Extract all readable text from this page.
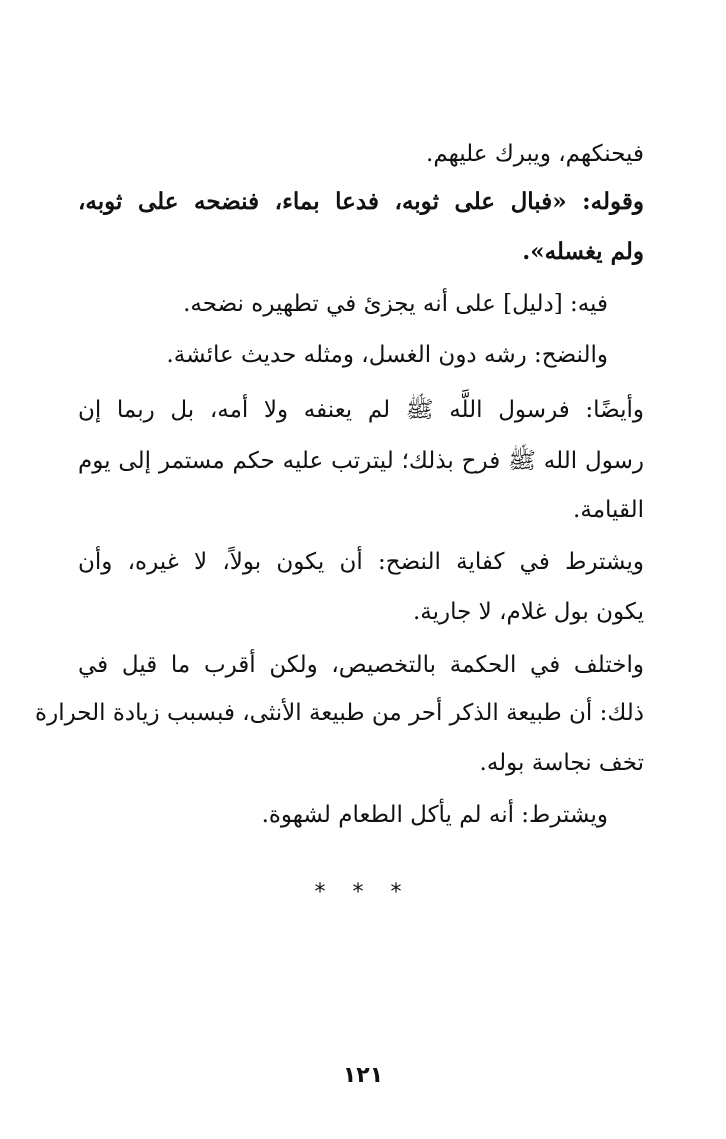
فيحنكهم، ويبرك عليهم.
وقوله: «فبال على ثوبه، فدعا بماء، فنضحه على ثوبه،
ولم يغسله».
فيه: [دليل] على أنه يجزئ في تطهيره نضحه.
والنضح: رشه دون الغسل، ومثله حديث عائشة.
وأيضًا: فرسول اللَّه ﷺ لم يعنفه ولا أمه، بل ربما إن
رسول الله ﷺ فرح بذلك؛ ليترتب عليه حكم مستمر إلى يوم
القيامة.
ويشترط في كفاية النضح: أن يكون بولاً، لا غيره، وأن
يكون بول غلام، لا جارية.
واختلف في الحكمة بالتخصيص، ولكن أقرب ما قيل في
ذلك: أن طبيعة الذكر أحر من طبيعة الأنثى، فبسبب زيادة الحرارة
تخف نجاسة بوله.
ويشترط: أنه لم يأكل الطعام لشهوة.
* * *
١٢١
